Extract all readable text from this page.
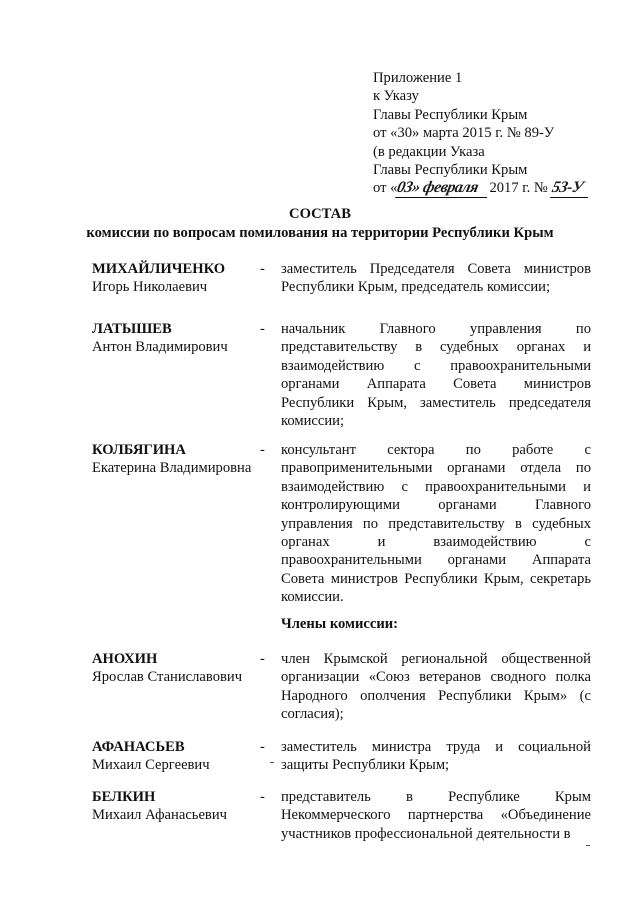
Приложение 1
к Указу
Главы Республики Крым
от «30» марта 2015 г. № 89-У
(в редакции Указа
Главы Республики Крым
от «03» февраля 2017 г. № 53-У
СОСТАВ
комиссии по вопросам помилования на территории Республики Крым
МИХАЙЛИЧЕНКО
Игорь Николаевич
- заместитель Председателя Совета министров Республики Крым, председатель комиссии;
ЛАТЫШЕВ
Антон Владимирович
- начальник Главного управления по представительству в судебных органах и взаимодействию с правоохранительными органами Аппарата Совета министров Республики Крым, заместитель председателя комиссии;
КОЛБЯГИНА
Екатерина Владимировна
- консультант сектора по работе с правоприменительными органами отдела по взаимодействию с правоохранительными и контролирующими органами Главного управления по представительству в судебных органах и взаимодействию с правоохранительными органами Аппарата Совета министров Республики Крым, секретарь комиссии.
Члены комиссии:
АНОХИН
Ярослав Станиславович
- член Крымской региональной общественной организации «Союз ветеранов сводного полка Народного ополчения Республики Крым» (с согласия);
АФАНАСЬЕВ
Михаил Сергеевич
- заместитель министра труда и социальной защиты Республики Крым;
БЕЛКИН
Михаил Афанасьевич
- представитель в Республике Крым Некоммерческого партнерства «Объединение участников профессиональной деятельности в
